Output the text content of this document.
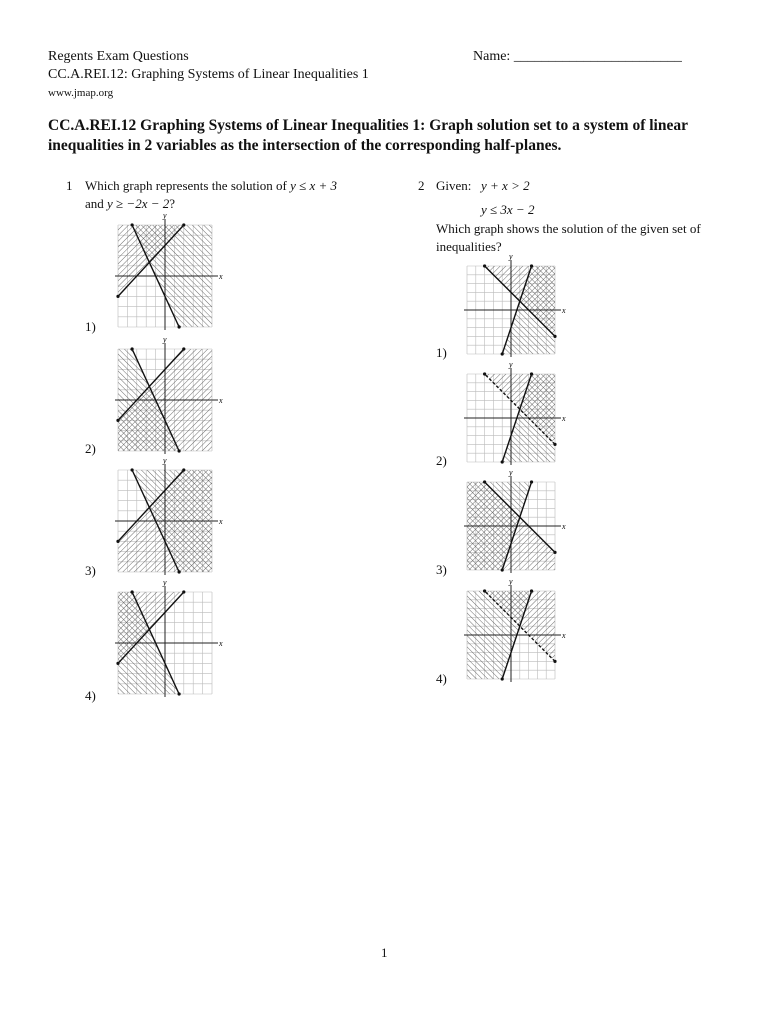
Regents Exam Questions
CC.A.REI.12: Graphing Systems of Linear Inequalities 1
www.jmap.org
Name: ________________________
CC.A.REI.12 Graphing Systems of Linear Inequalities 1: Graph solution set to a system of linear inequalities in 2 variables as the intersection of the corresponding half-planes.
1 Which graph represents the solution of y ≤ x + 3
and y ≥ −2x − 2?
x
y
1)
x
y
2)
x
y
3)
x
y
4)
2 Given: y + x > 2
y ≤ 3x − 2
Which graph shows the solution of the given set of inequalities?
x
y
1)
x
y
2)
x
y
3)
x
y
4)
1
